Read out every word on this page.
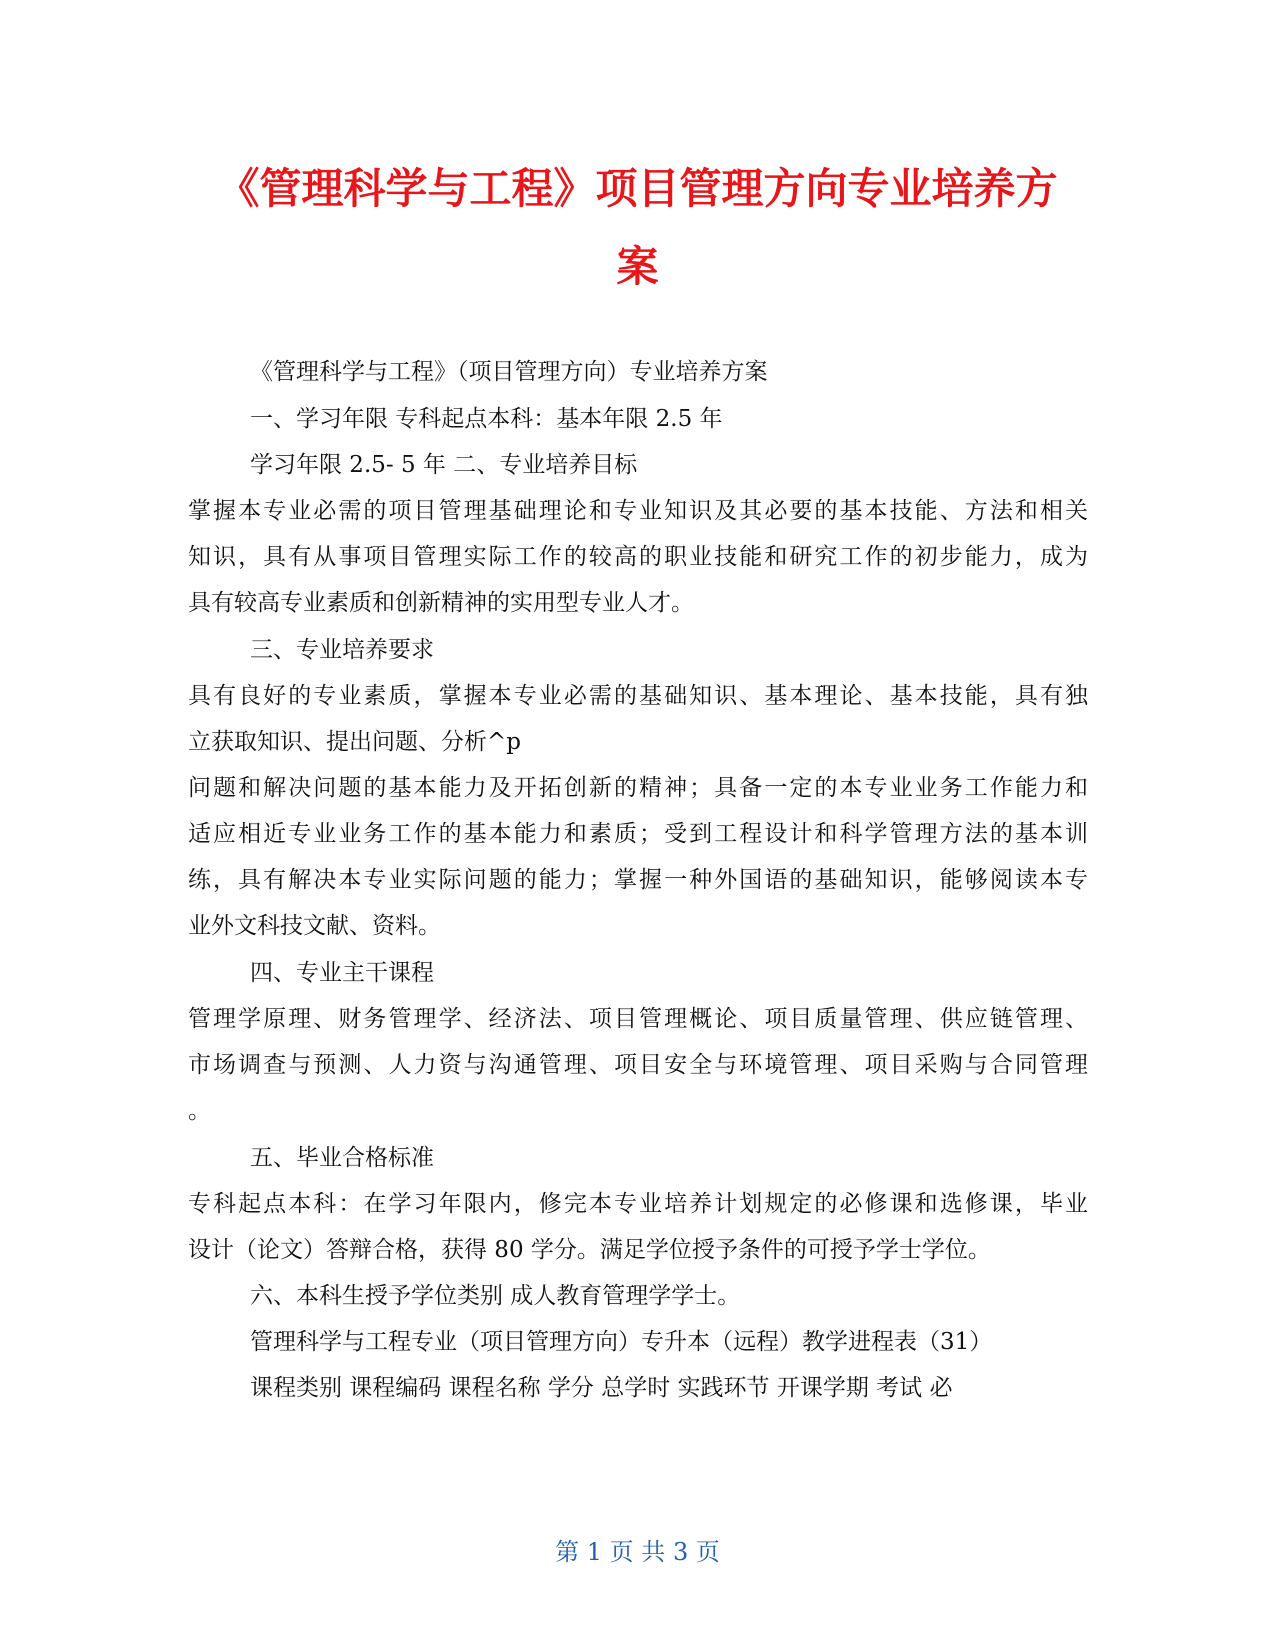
《管理科学与工程》项目管理方向专业培养方
案

《管理科学与工程》（项目管理方向）专业培养方案

一、学习年限 专科起点本科：基本年限 2.5 年

学习年限 2.5- 5 年 二、专业培养目标

掌握本专业必需的项目管理基础理论和专业知识及其必要的基本技能、方法和相关

知识，具有从事项目管理实际工作的较高的职业技能和研究工作的初步能力，成为

具有较高专业素质和创新精神的实用型专业人才。

三、专业培养要求

具有良好的专业素质，掌握本专业必需的基础知识、基本理论、基本技能，具有独

立获取知识、提出问题、分析^p

问题和解决问题的基本能力及开拓创新的精神；具备一定的本专业业务工作能力和

适应相近专业业务工作的基本能力和素质；受到工程设计和科学管理方法的基本训

练，具有解决本专业实际问题的能力；掌握一种外国语的基础知识，能够阅读本专

业外文科技文献、资料。

四、专业主干课程

管理学原理、财务管理学、经济法、项目管理概论、项目质量管理、供应链管理、

市场调查与预测、人力资与沟通管理、项目安全与环境管理、项目采购与合同管理

。

五、毕业合格标准

专科起点本科：在学习年限内，修完本专业培养计划规定的必修课和选修课，毕业

设计（论文）答辩合格，获得 80 学分。满足学位授予条件的可授予学士学位。

六、本科生授予学位类别 成人教育管理学学士。

管理科学与工程专业（项目管理方向）专升本（远程）教学进程表（31）

课程类别 课程编码 课程名称 学分 总学时 实践环节 开课学期 考试 必

第 1 页 共 3 页
